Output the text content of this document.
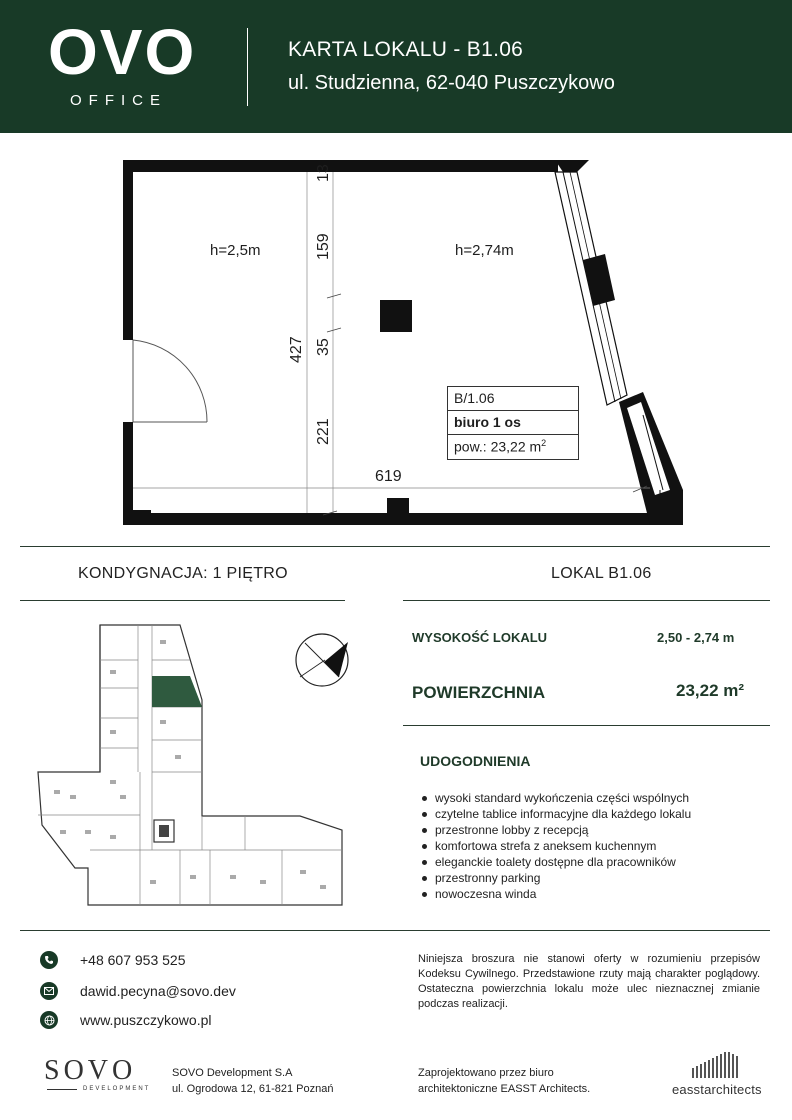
OVO
OFFICE
KARTA LOKALU - B1.06
ul. Studzienna, 62-040 Puszczykowo
h=2,5m	h=2,74m
13
159
427 35
221
619
B/1.06
biuro 1 os
pow.: 23,22 $m^2$
KONDYGNACJA: 1 PIĘTRO	LOKAL B1.06
WYSOKOŚĆ LOKALU	2,50 - 2,74 m
POWIERZCHNIA	23,22 m²
UDOGODNIENIA
wysoki standard wykończenia części wspólnych
czytelne tablice informacyjne dla każdego lokalu
przestronne lobby z recepcją
komfortowa strefa z aneksem kuchennym
eleganckie toalety dostępne dla pracowników
przestronny parking
nowoczesna winda
+48 607 953 525
dawid.pecyna@sovo.dev
www.puszczykowo.pl
Niniejsza broszura nie stanowi oferty w rozumieniu przepisów Kodeksu Cywilnego. Przedstawione rzuty mają charakter poglądowy. Ostateczna powierzchnia lokalu może ulec nieznacznej zmianie podczas realizacji.
SOVO
DEVELOPMENT
SOVO Development S.A
ul. Ogrodowa 12, 61-821 Poznań
Zaprojektowano przez biuro
architektoniczne EASST Architects.	easstarchitects
